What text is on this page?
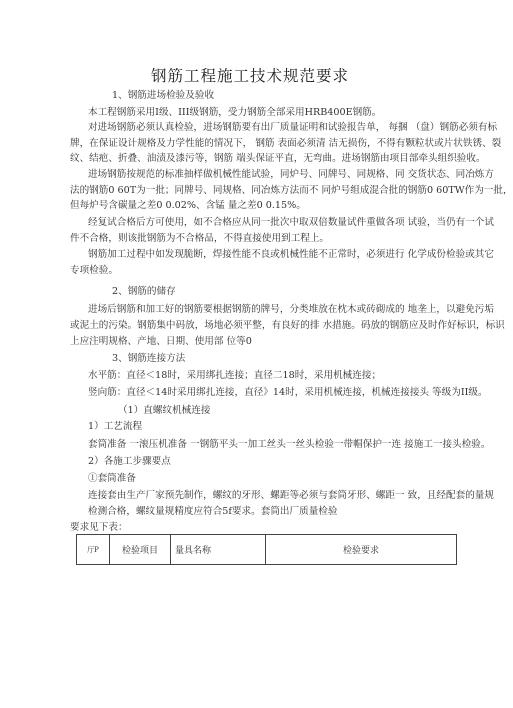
钢筋工程施工技术规范要求
1、钢筋进场检验及验收
本工程钢筋采用Ⅰ级、ⅠⅠⅠ级钢筋，受力钢筋全部采用HRB400E钢筋。
对进场钢筋必须认真检验，进场钢筋要有出厂质量证明和试验报告单， 每捆 （盘）钢筋必须有标
牌，在保证设计规格及力学性能的情况下， 钢筋 表面必须清 洁无损伤，不得有颗粒状或片状铁锈、裂
纹、结疤、折叠、油渍及漆污等，钢筋 端头保证平直，无弯曲。进场钢筋由项目部牵头组织验收。
进场钢筋按规范的标准抽样做机械性能试验，同炉号、同牌号、同规格、同 交货状态、同冶炼方
法的钢筋0 60T为一批；同牌号、同规格、同冶炼方法而不 同炉号组成混合批的钢筋0 60TW作为一批，
但每炉号含碳量之差0 0.02%、含锰 量之差0 0.15%。
经复试合格后方可使用，如不合格应从同一批次中取双倍数量试件重做各项 试验，当仍有一个试
件不合格，则该批钢筋为不合格品，不得直接使用到工程上。
钢筋加工过程中如发现脆断，焊接性能不良或机械性能不正常时，必须进行 化学成份检验或其它
专项检验。
2、钢筋的储存
进场后钢筋和加工好的钢筋要根据钢筋的牌号，分类堆放在枕木或砖砌成的 地垄上，以避免污垢
或泥土的污染。钢筋集中码放，场地必须平整，有良好的排 水措施。码放的钢筋应及时作好标识，标识
上应注明规格、产地、日期、使用部 位等0
3、钢筋连接方法
水平筋：直径＜18时，采用绑扎连接；直径二18时，采用机械连接；
竖向筋：直径＜14时采用绑扎连接，直径》14时，采用机械连接，机械连接接头 等级为ΙΙ级。
（1）直螺纹机械连接
1）工艺流程
套筒准备 一滚压机准备 一钢筋平头一加工丝头一丝头检验一带帽保护一连 接施工一接头检验。
2）各施工步骤要点
①套筒准备
连接套由生产厂家预先制作，螺纹的牙形、螺距等必须与套筒牙形、螺距一 致，且经配套的量规
检测合格，螺纹量规精度应符合5f要求。套筒出厂质量检验
要求见下表：
厅P	检验项目	量具名称	检验要求
